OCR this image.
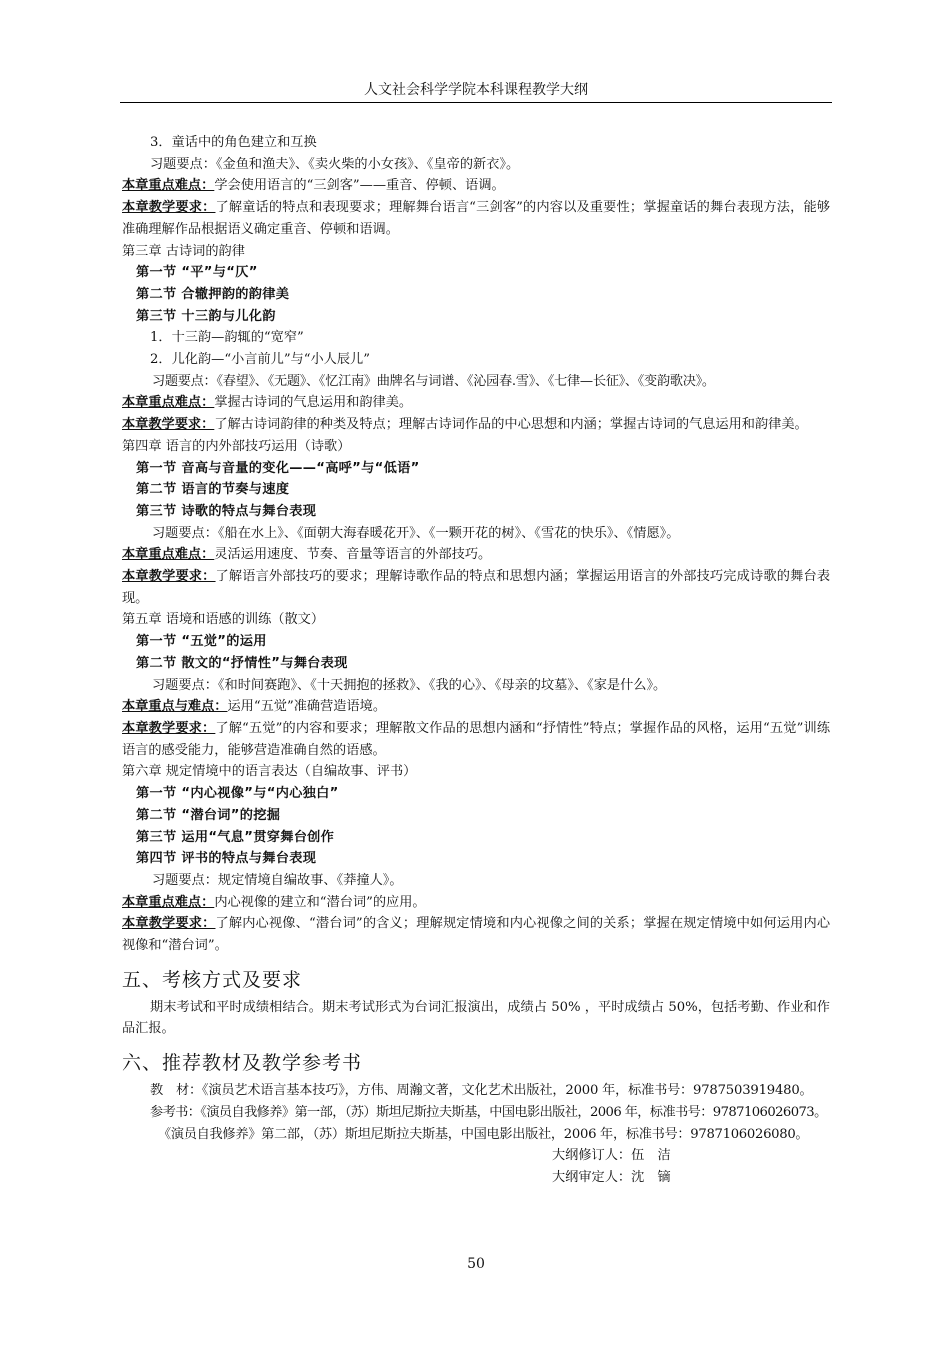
人文社会科学学院本科课程教学大纲
3．童话中的角色建立和互换
习题要点：《金鱼和渔夫》、《卖火柴的小女孩》、《皇帝的新衣》。
本章重点难点：学会使用语言的“三剑客”——重音、停顿、语调。
本章教学要求：了解童话的特点和表现要求；理解舞台语言“三剑客”的内容以及重要性；掌握童话的舞台表现方法，能够准确理解作品根据语义确定重音、停顿和语调。
第三章 古诗词的韵律
第一节 “平”与“仄”
第二节 合辙押韵的韵律美
第三节 十三韵与儿化韵
1．十三韵—韵辄的“宽窄”
2．儿化韵—“小言前儿”与“小人辰儿”
习题要点：《春望》、《无题》、《忆江南》曲牌名与词谱、《沁园春.雪》、《七律—长征》、《变韵歌决》。
本章重点难点：掌握古诗词的气息运用和韵律美。
本章教学要求：了解古诗词韵律的种类及特点；理解古诗词作品的中心思想和内涵；掌握古诗词的气息运用和韵律美。
第四章 语言的内外部技巧运用（诗歌）
第一节 音高与音量的变化——“高呼”与“低语”
第二节 语言的节奏与速度
第三节 诗歌的特点与舞台表现
习题要点：《船在水上》、《面朝大海春暖花开》、《一颗开花的树》、《雪花的快乐》、《情愿》。
本章重点难点：灵活运用速度、节奏、音量等语言的外部技巧。
本章教学要求：了解语言外部技巧的要求；理解诗歌作品的特点和思想内涵；掌握运用语言的外部技巧完成诗歌的舞台表现。
第五章 语境和语感的训练（散文）
第一节 “五觉”的运用
第二节 散文的“抒情性”与舞台表现
习题要点：《和时间赛跑》、《十天拥抱的拯救》、《我的心》、《母亲的坟墓》、《家是什么》。
本章重点与难点：运用“五觉”准确营造语境。
本章教学要求：了解“五觉”的内容和要求；理解散文作品的思想内涵和“抒情性”特点；掌握作品的风格，运用“五觉”训练语言的感受能力，能够营造准确自然的语感。
第六章 规定情境中的语言表达（自编故事、评书）
第一节 “内心视像”与“内心独白”
第二节 “潜台词”的挖掘
第三节 运用“气息”贯穿舞台创作
第四节 评书的特点与舞台表现
习题要点：规定情境自编故事、《莽撞人》。
本章重点难点：内心视像的建立和“潜台词”的应用。
本章教学要求：了解内心视像、“潜台词”的含义；理解规定情境和内心视像之间的关系；掌握在规定情境中如何运用内心视像和“潜台词”。
五、考核方式及要求
期末考试和平时成绩相结合。期末考试形式为台词汇报演出，成绩占 50% ，平时成绩占 50%，包括考勤、作业和作品汇报。
六、推荐教材及教学参考书
教　材：《演员艺术语言基本技巧》，方伟、周瀚文著，文化艺术出版社，2000 年，标准书号：9787503919480。
参考书：《演员自我修养》第一部，（苏）斯坦尼斯拉夫斯基，中国电影出版社，2006 年，标准书号：9787106026073。
《演员自我修养》第二部，（苏）斯坦尼斯拉夫斯基，中国电影出版社，2006 年，标准书号：9787106026080。
大纲修订人：伍　洁
大纲审定人：沈　镝
50
